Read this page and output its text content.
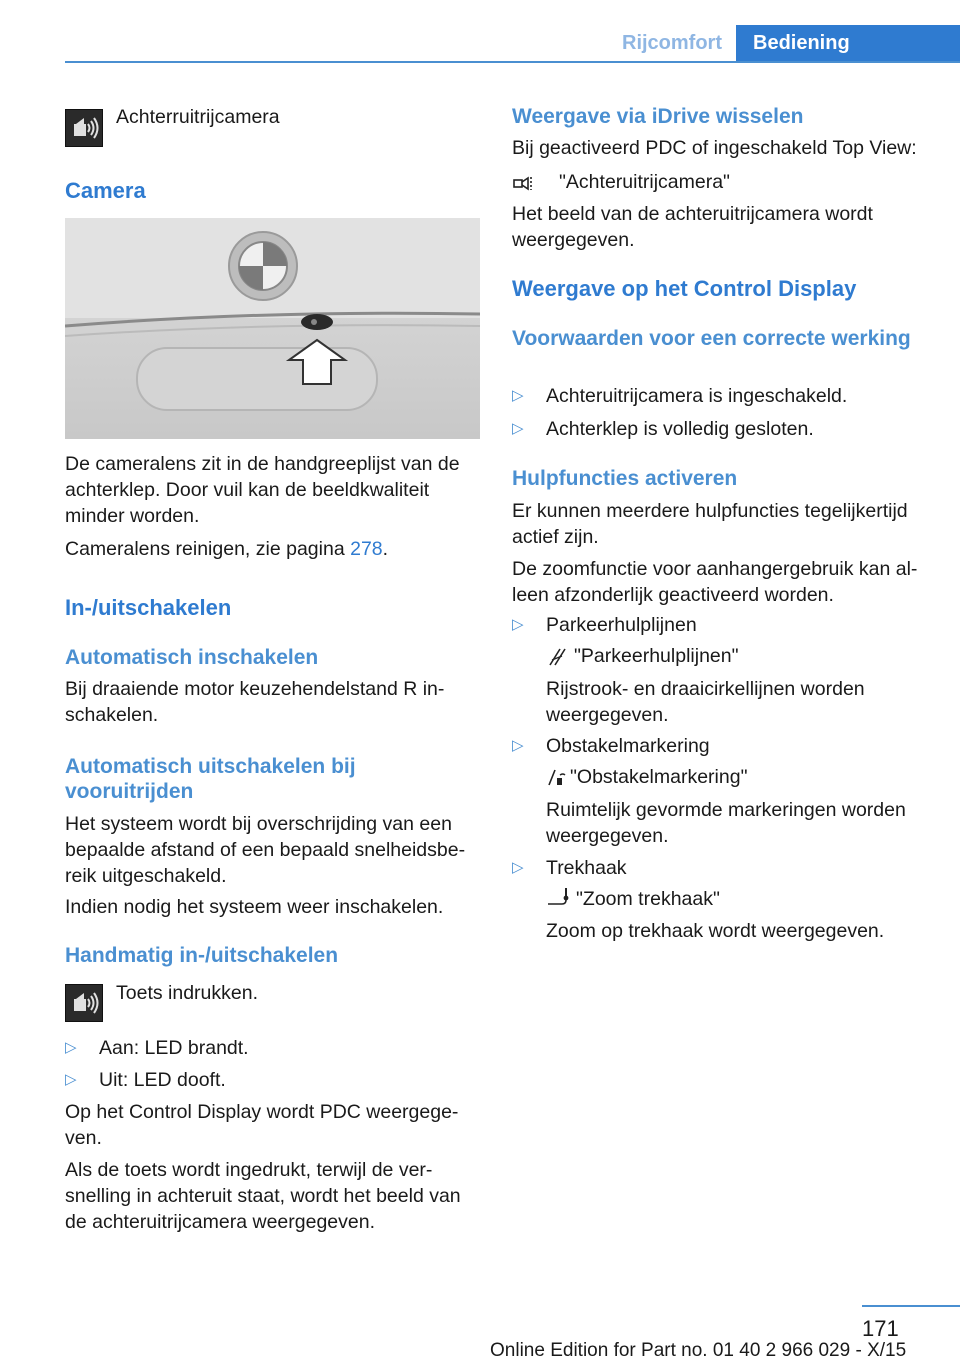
Rijcomfort	Bediening
Achterruitrijcamera
Camera
De cameralens zit in de handgreeplijst van de achterklep. Door vuil kan de beeldkwaliteit minder worden.
Cameralens reinigen, zie pagina 278.
In-/uitschakelen
Automatisch inschakelen
Bij draaiende motor keuzehendelstand R in-schakelen.
Automatisch uitschakelen bij vooruitrijden
Het systeem wordt bij overschrijding van een bepaalde afstand of een bepaald snelheidsbe-reik uitgeschakeld.
Indien nodig het systeem weer inschakelen.
Handmatig in-/uitschakelen
Toets indrukken.
▷ Aan: LED brandt.
▷ Uit: LED dooft.
Op het Control Display wordt PDC weergege-ven.
Als de toets wordt ingedrukt, terwijl de ver-snelling in achteruit staat, wordt het beeld van de achteruitrijcamera weergegeven.
Weergave via iDrive wisselen
Bij geactiveerd PDC of ingeschakeld Top View:
"Achteruitrijcamera"
Het beeld van de achteruitrijcamera wordt weergegeven.
Weergave op het Control Display
Voorwaarden voor een correcte werking
▷ Achteruitrijcamera is ingeschakeld.
▷ Achterklep is volledig gesloten.
Hulpfuncties activeren
Er kunnen meerdere hulpfuncties tegelijkertijd actief zijn.
De zoomfunctie voor aanhangergebruik kan al-leen afzonderlijk geactiveerd worden.
▷ Parkeerhulplijnen
"Parkeerhulplijnen"
Rijstrook- en draaicirkellijnen worden weergegeven.
▷ Obstakelmarkering
"Obstakelmarkering"
Ruimtelijk gevormde markeringen worden weergegeven.
▷ Trekhaak
"Zoom trekhaak"
Zoom op trekhaak wordt weergegeven.
171
Online Edition for Part no. 01 40 2 966 029 - X/15
